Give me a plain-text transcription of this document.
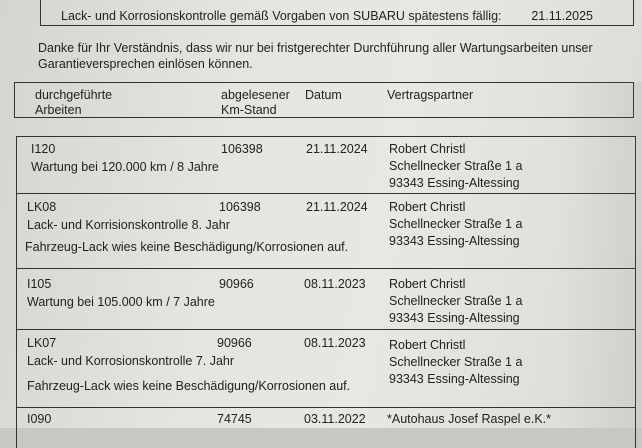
Lack- und Korrosionskontrolle gemäß Vorgaben von SUBARU spätestens fällig: 21.11.2025
Danke für Ihr Verständnis, dass wir nur bei fristgerechter Durchführung aller Wartungsarbeiten unser
Garantieversprechen einlösen können.
durchgeführte
Arbeiten
abgelesener
Km-Stand
Datum	Vertragspartner
I120
Wartung bei 120.000 km / 8 Jahre
106398	21.11.2024 Robert Christl
Schellnecker Straße 1 a
93343 Essing-Altessing
LK08
Lack- und Korrisionskontrolle 8. Jahr
Fahrzeug-Lack wies keine Beschädigung/Korrosionen auf.
106398	21.11.2024 Robert Christl
Schellnecker Straße 1 a
93343 Essing-Altessing
I105
Wartung bei 105.000 km / 7 Jahre
90966	08.11.2023 Robert Christl
Schellnecker Straße 1 a
93343 Essing-Altessing
LK07
Lack- und Korrosionskontrolle 7. Jahr
Fahrzeug-Lack wies keine Beschädigung/Korrosionen auf.
90966	08.11.2023 Robert Christl
Schellnecker Straße 1 a
93343 Essing-Altessing
I090	74745	03.11.2022 *Autohaus Josef Raspel e.K.*
